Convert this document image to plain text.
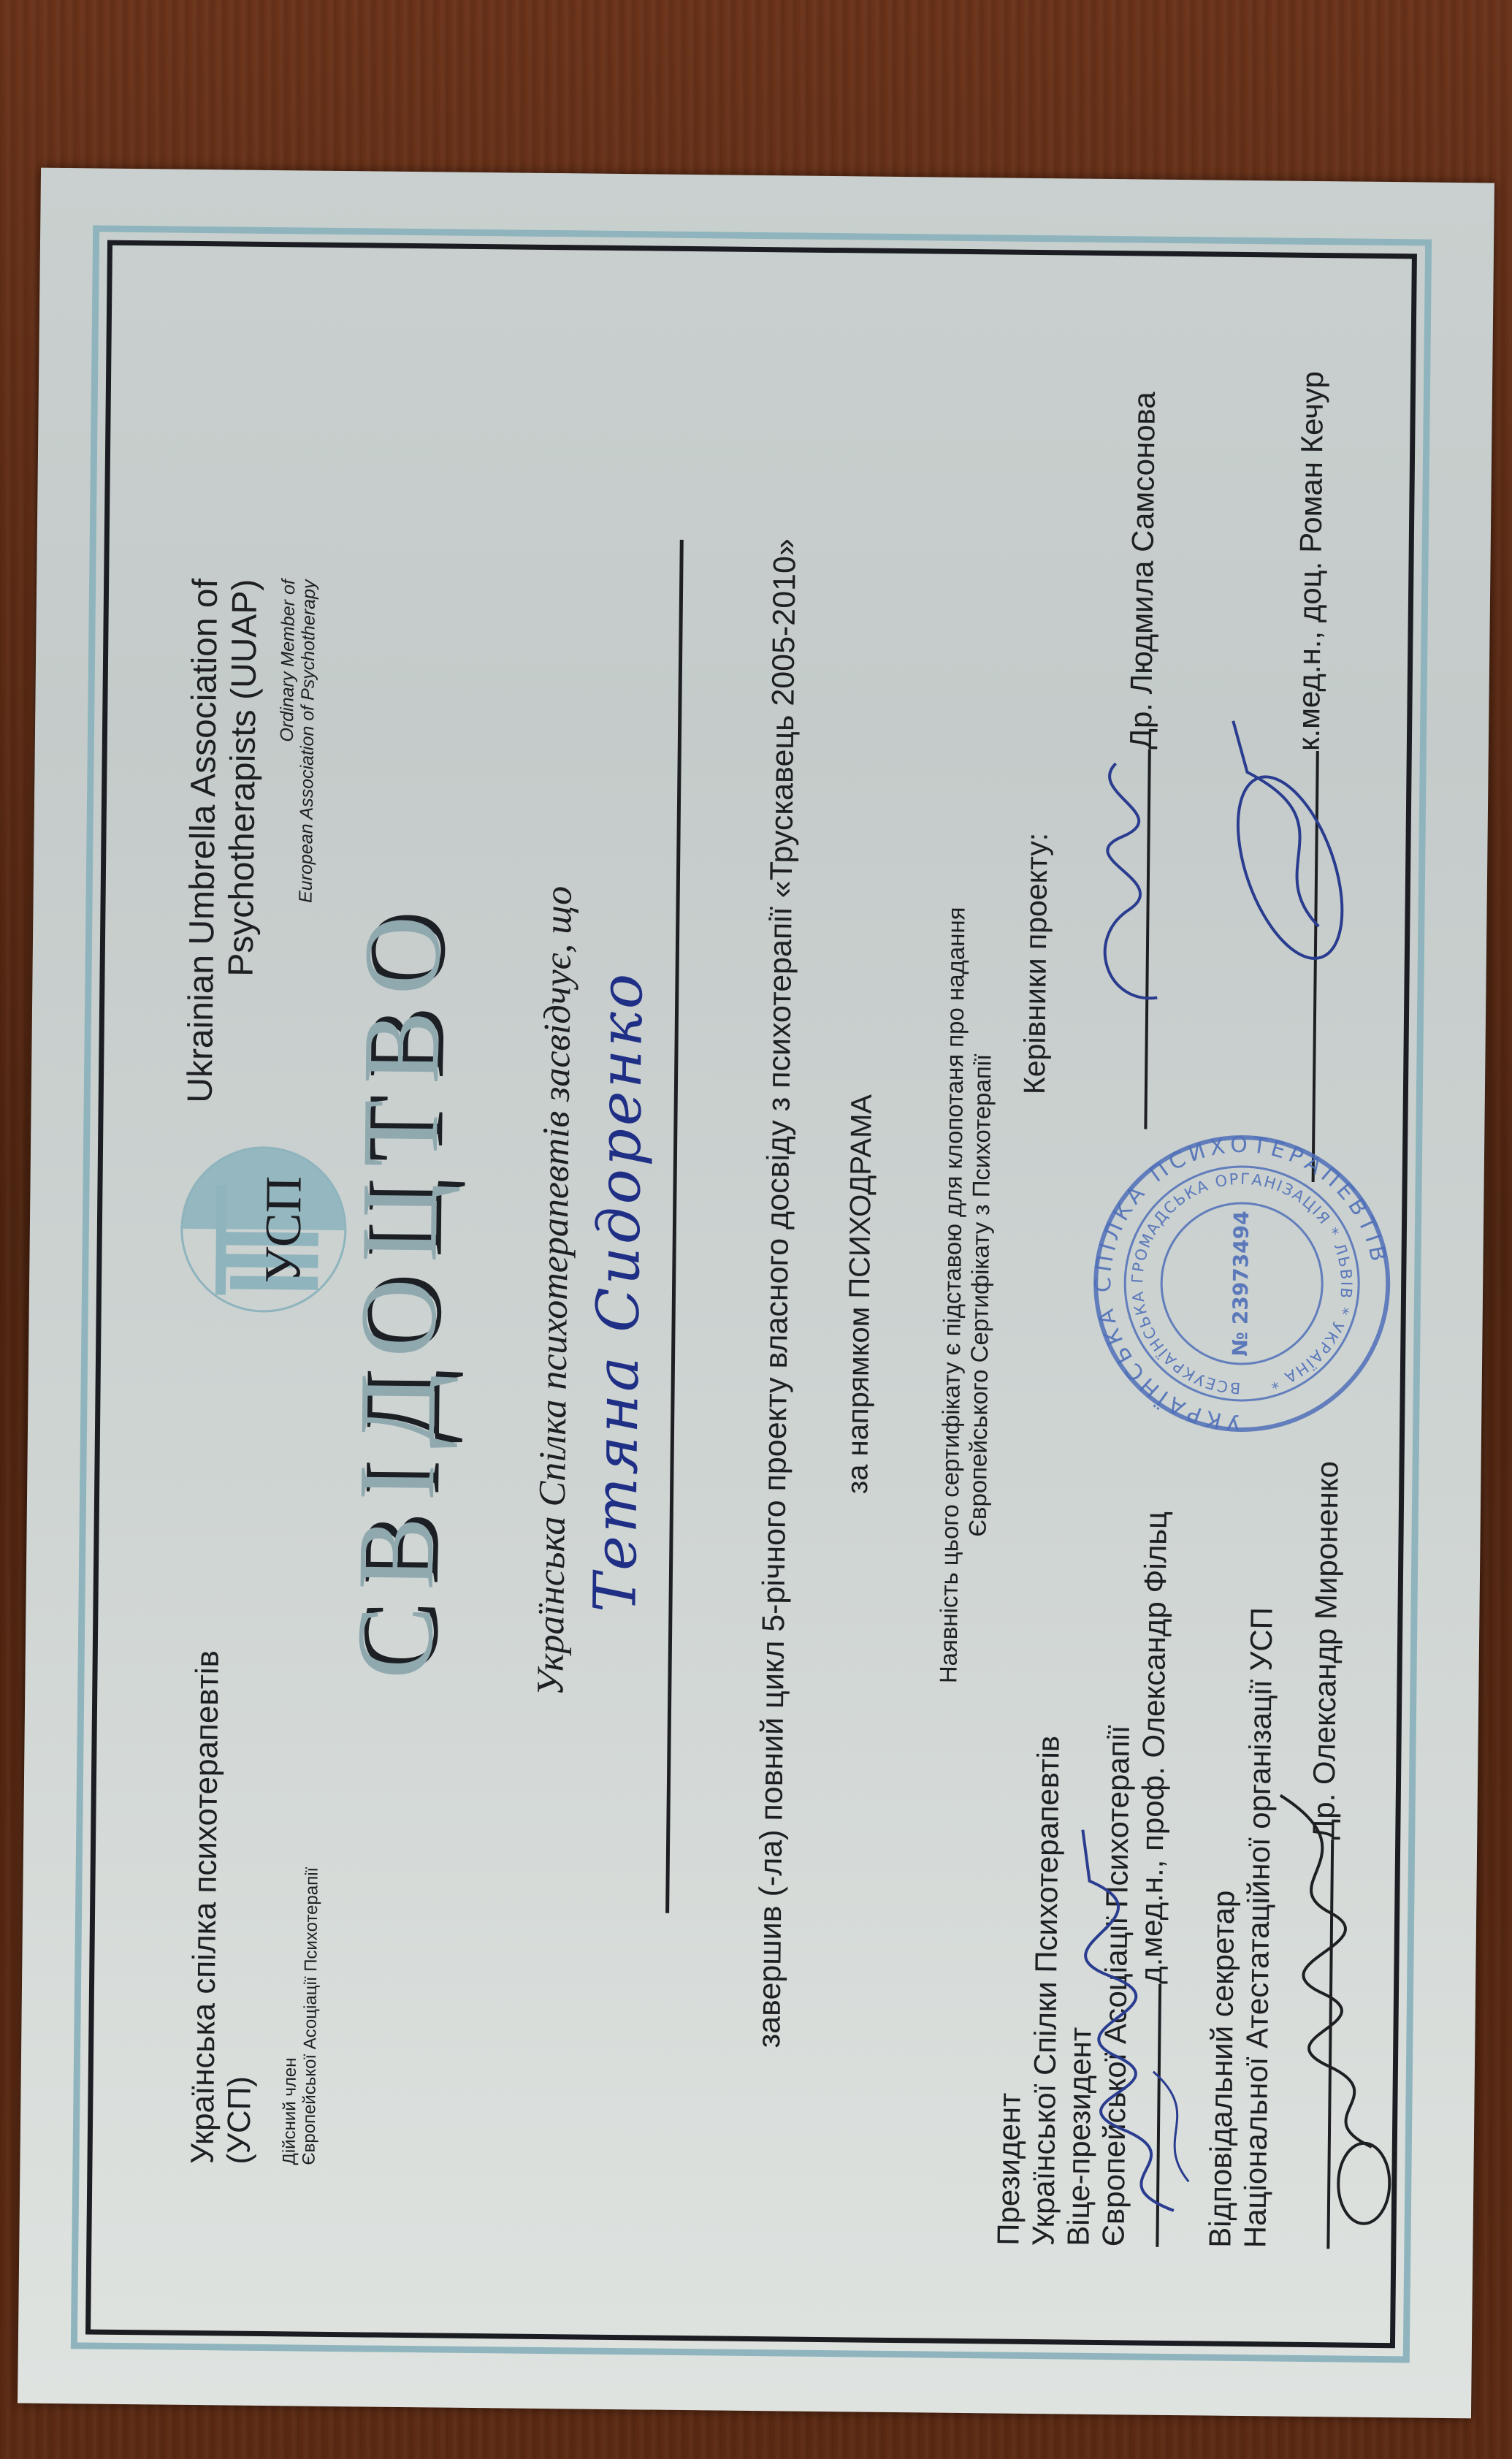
Українська спілка психотерапевтів
(УСП) Дійсний член
Європейської Асоціації Психотерапії
УСП
Ukrainian Umbrella Association of
Psychotherapists (UUAP) Ordinary Member of
European Association of Psychotherapy
СВІДОЦТВО Українська Спілка психотерапевтів засвідчує, що Тетяна Сидоренко	завершив (-ла) повний цикл 5-річного проекту власного досвіду з психотерапії «Трускавець 2005-2010»	за напрямком ПСИХОДРАМА	Наявність цього сертифікату є підставою для клопотаня про надання
Європейського Сертифікату з Психотерапії
Керівники проекту:
Президент
Української Спілки Психотерапевтів
Віце-президент
Європейської Асоціації Психотерапії
д.мед.н., проф. Олександр Фільц
Відповідальний секретар
Національної Атестатаційної організації УСП Др. Олександр Мироненко
Др. Людмила Самсонова	к.мед.н., доц. Роман Кечур
УКРАЇНСЬКА СПІЛКА ПСИХОТЕРАПЕВТІВ
ВСЕУКРАЇНСЬКА ГРОМАДСЬКА ОРГАНІЗАЦІЯ * ЛЬВІВ * УКРАЇНА *
№ 23973494
